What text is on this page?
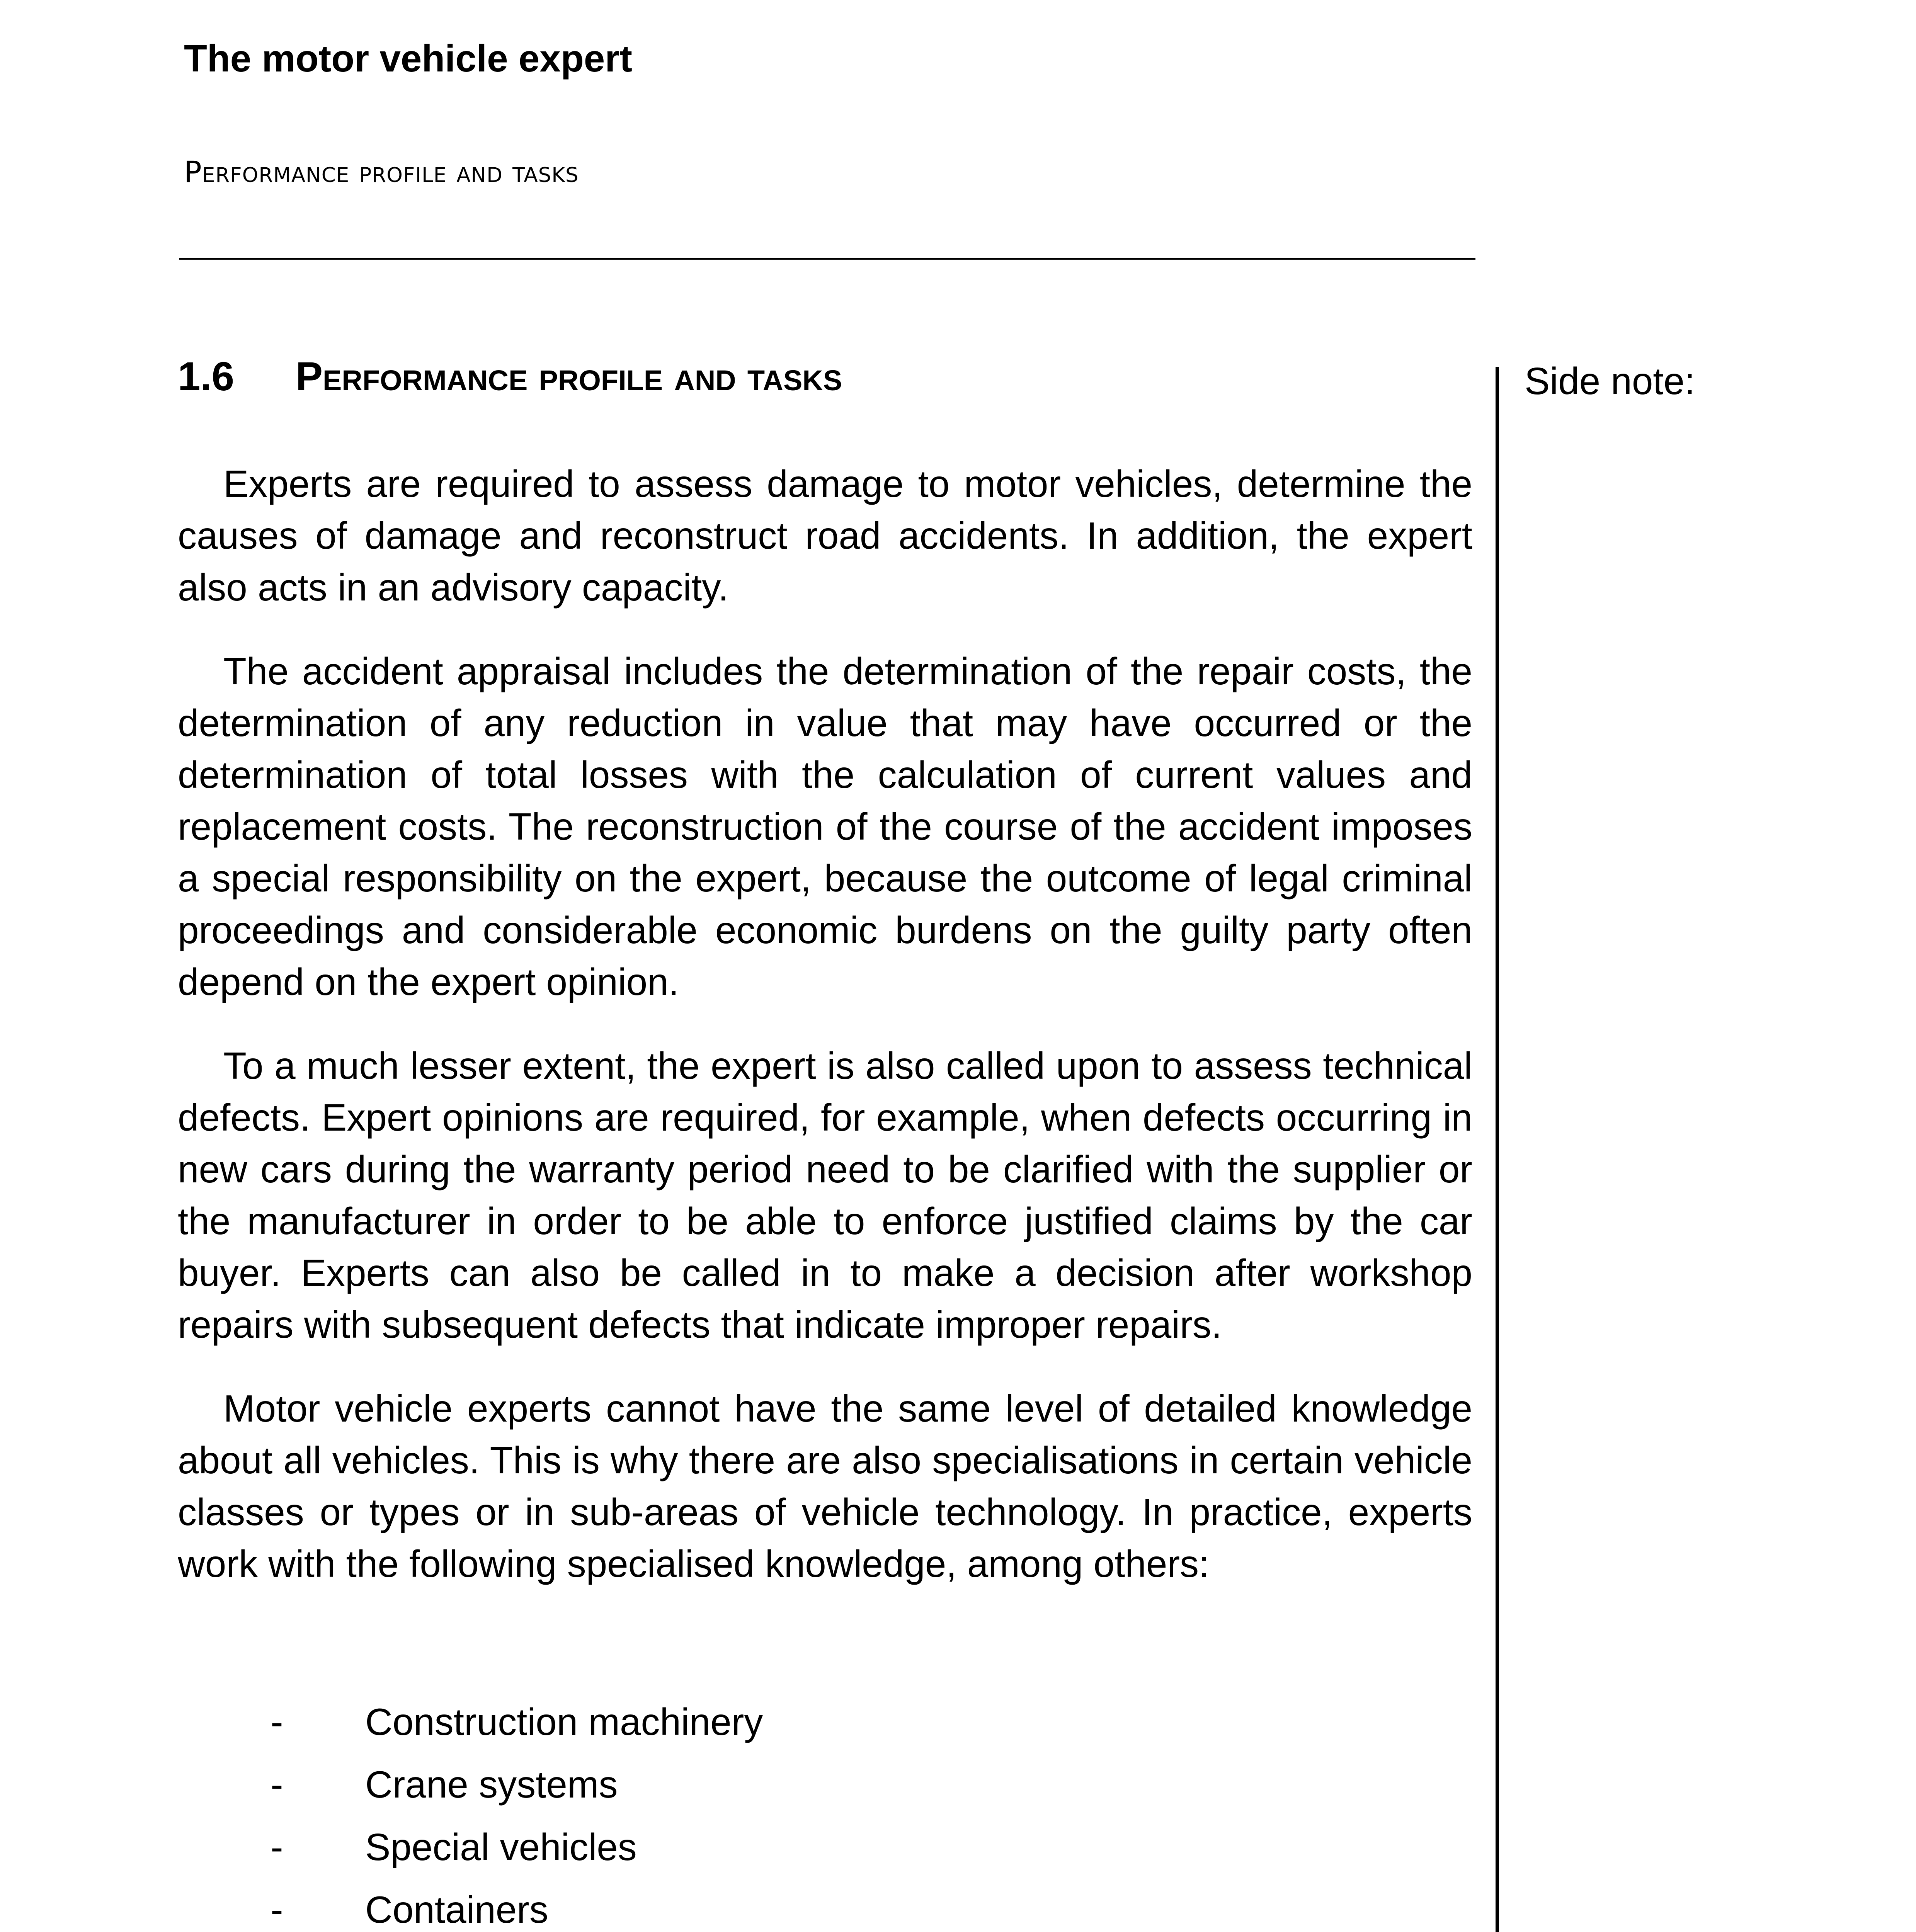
The motor vehicle expert
Performance profile and tasks
Side note:
1.6 Performance profile and tasks

Experts are required to assess damage to motor vehicles, determine the causes of damage and reconstruct road accidents. In addition, the expert also acts in an advisory capacity.

The accident appraisal includes the determination of the repair costs, the determination of any reduction in value that may have occurred or the determination of total losses with the calculation of current values and replacement costs. The reconstruction of the course of the accident imposes a special responsibility on the expert, because the outcome of legal criminal proceedings and considerable economic burdens on the guilty party often depend on the expert opinion.

To a much lesser extent, the expert is also called upon to assess technical defects. Expert opinions are required, for example, when defects occurring in new cars during the warranty period need to be clarified with the supplier or the manufacturer in order to be able to enforce justified claims by the car buyer. Experts can also be called in to make a decision after workshop repairs with subsequent defects that indicate improper repairs.

Motor vehicle experts cannot have the same level of detailed knowledge about all vehicles. This is why there are also specialisations in certain vehicle classes or types or in sub-areas of vehicle technology. In practice, experts work with the following specialised knowledge, among others:

- Construction machinery
- Crane systems
- Special vehicles
- Containers
